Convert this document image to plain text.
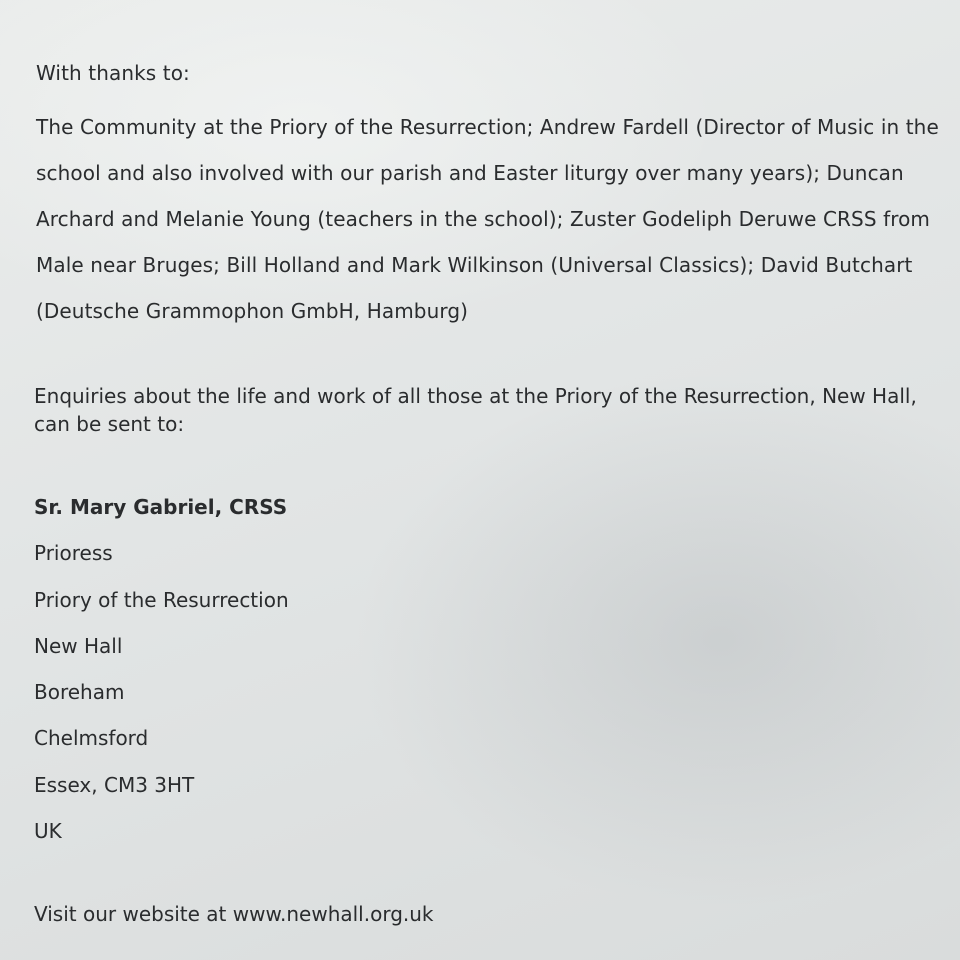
With thanks to:

The Community at the Priory of the Resurrection; Andrew Fardell (Director of Music in the school and also involved with our parish and Easter liturgy over many years); Duncan Archard and Melanie Young (teachers in the school); Zuster Godeliph Deruwe CRSS from Male near Bruges; Bill Holland and Mark Wilkinson (Universal Classics); David Butchart (Deutsche Grammophon GmbH, Hamburg)

Enquiries about the life and work of all those at the Priory of the Resurrection, New Hall, can be sent to:

Sr. Mary Gabriel, CRSS
Prioress
Priory of the Resurrection
New Hall
Boreham
Chelmsford
Essex, CM3 3HT
UK

Visit our website at www.newhall.org.uk
